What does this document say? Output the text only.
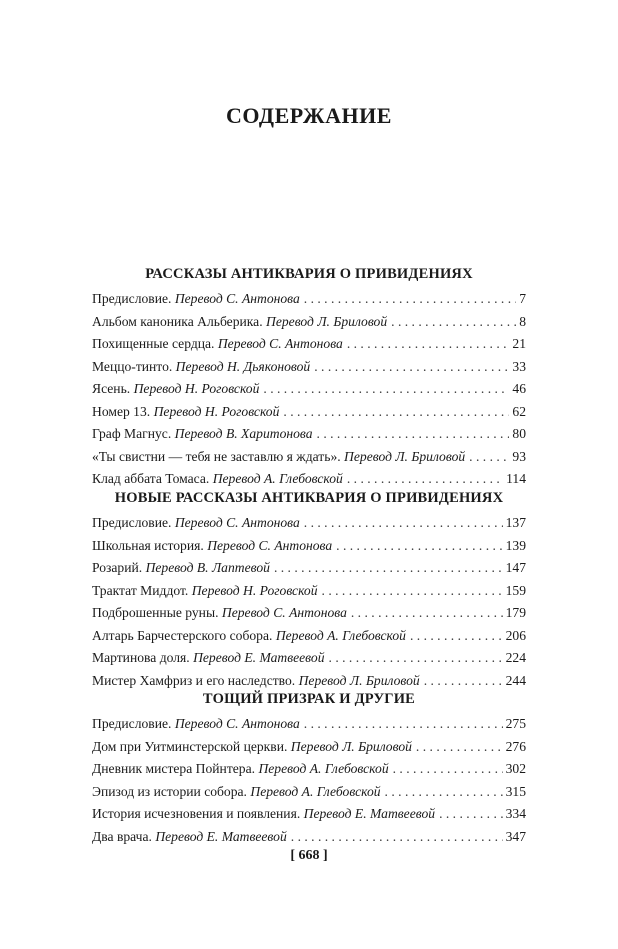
СОДЕРЖАНИЕ
РАССКАЗЫ АНТИКВАРИЯ О ПРИВИДЕНИЯХ
Предисловие. Перевод С. Антонова . . .	7
Альбом каноника Альберика. Перевод Л. Бриловой . . .	8
Похищенные сердца. Перевод С. Антонова . . .	21
Меццо-тинто. Перевод Н. Дьяконовой . . .	33
Ясень. Перевод Н. Роговской . . .	46
Номер 13. Перевод Н. Роговской . . .	62
Граф Магнус. Перевод В. Харитонова . . .	80
«Ты свистни — тебя не заставлю я ждать». Перевод Л. Бриловой . . .	93
Клад аббата Томаса. Перевод А. Глебовской . . .	114
НОВЫЕ РАССКАЗЫ АНТИКВАРИЯ О ПРИВИДЕНИЯХ
Предисловие. Перевод С. Антонова . . .	137
Школьная история. Перевод С. Антонова . . .	139
Розарий. Перевод В. Лаптевой . . .	147
Трактат Миддот. Перевод Н. Роговской . . .	159
Подброшенные руны. Перевод С. Антонова . . .	179
Алтарь Барчестерского собора. Перевод А. Глебовской . . .	206
Мартинова доля. Перевод Е. Матвеевой . . .	224
Мистер Хамфриз и его наследство. Перевод Л. Бриловой . . .	244
ТОЩИЙ ПРИЗРАК И ДРУГИЕ
Предисловие. Перевод С. Антонова . . .	275
Дом при Уитминстерской церкви. Перевод Л. Бриловой . . .	276
Дневник мистера Пойнтера. Перевод А. Глебовской . . .	302
Эпизод из истории собора. Перевод А. Глебовской . . .	315
История исчезновения и появления. Перевод Е. Матвеевой . . .	334
Два врача. Перевод Е. Матвеевой . . .	347
[ 668 ]
